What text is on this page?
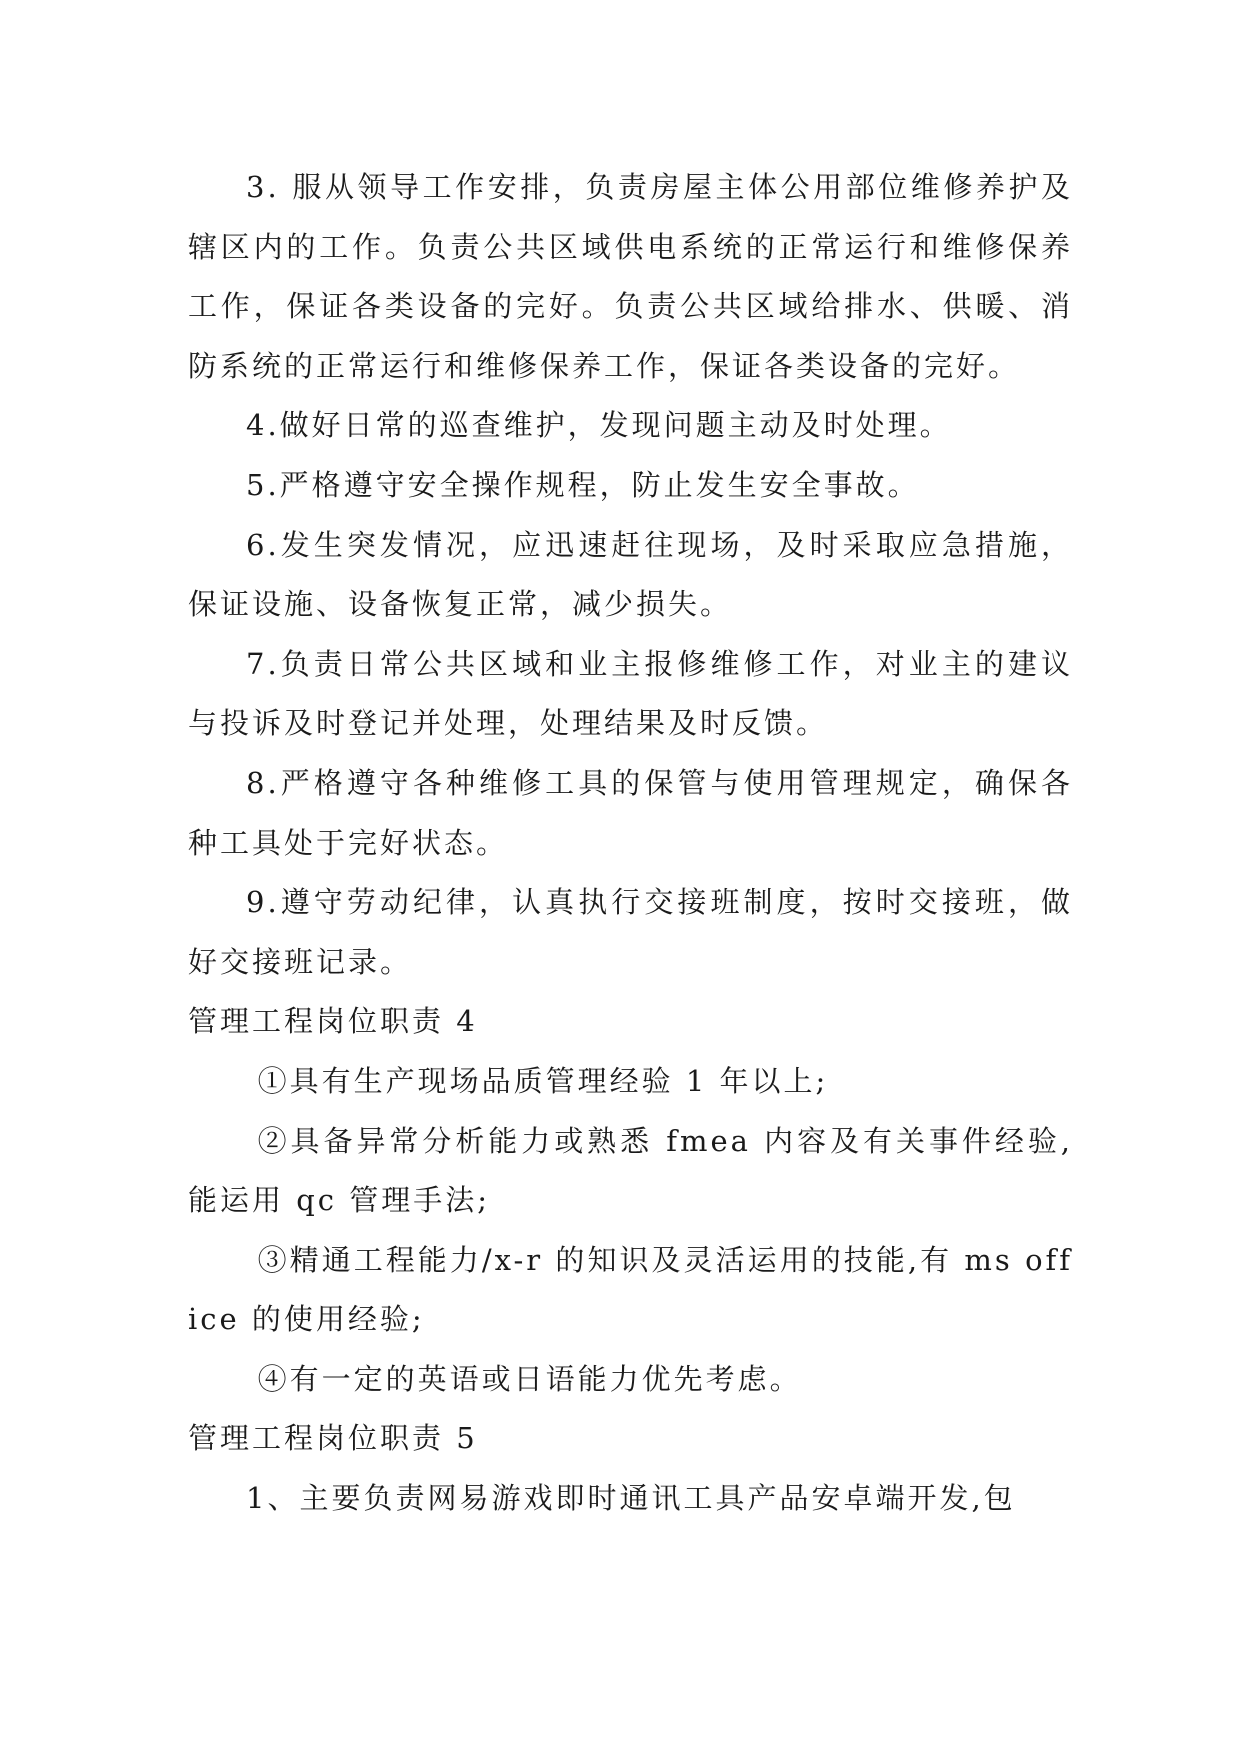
3. 服从领导工作安排，负责房屋主体公用部位维修养护及辖区内的工作。负责公共区域供电系统的正常运行和维修保养工作，保证各类设备的完好。负责公共区域给排水、供暖、消防系统的正常运行和维修保养工作，保证各类设备的完好。

4.做好日常的巡查维护，发现问题主动及时处理。

5.严格遵守安全操作规程，防止发生安全事故。

6.发生突发情况，应迅速赶往现场，及时采取应急措施，保证设施、设备恢复正常，减少损失。

7.负责日常公共区域和业主报修维修工作，对业主的建议与投诉及时登记并处理，处理结果及时反馈。

8.严格遵守各种维修工具的保管与使用管理规定，确保各种工具处于完好状态。

9.遵守劳动纪律，认真执行交接班制度，按时交接班，做好交接班记录。

管理工程岗位职责 4

①具有生产现场品质管理经验 1 年以上;

②具备异常分析能力或熟悉 fmea 内容及有关事件经验,能运用 qc 管理手法;

③精通工程能力/x-r 的知识及灵活运用的技能,有 ms office 的使用经验;

④有一定的英语或日语能力优先考虑。

管理工程岗位职责 5

1、主要负责网易游戏即时通讯工具产品安卓端开发,包
